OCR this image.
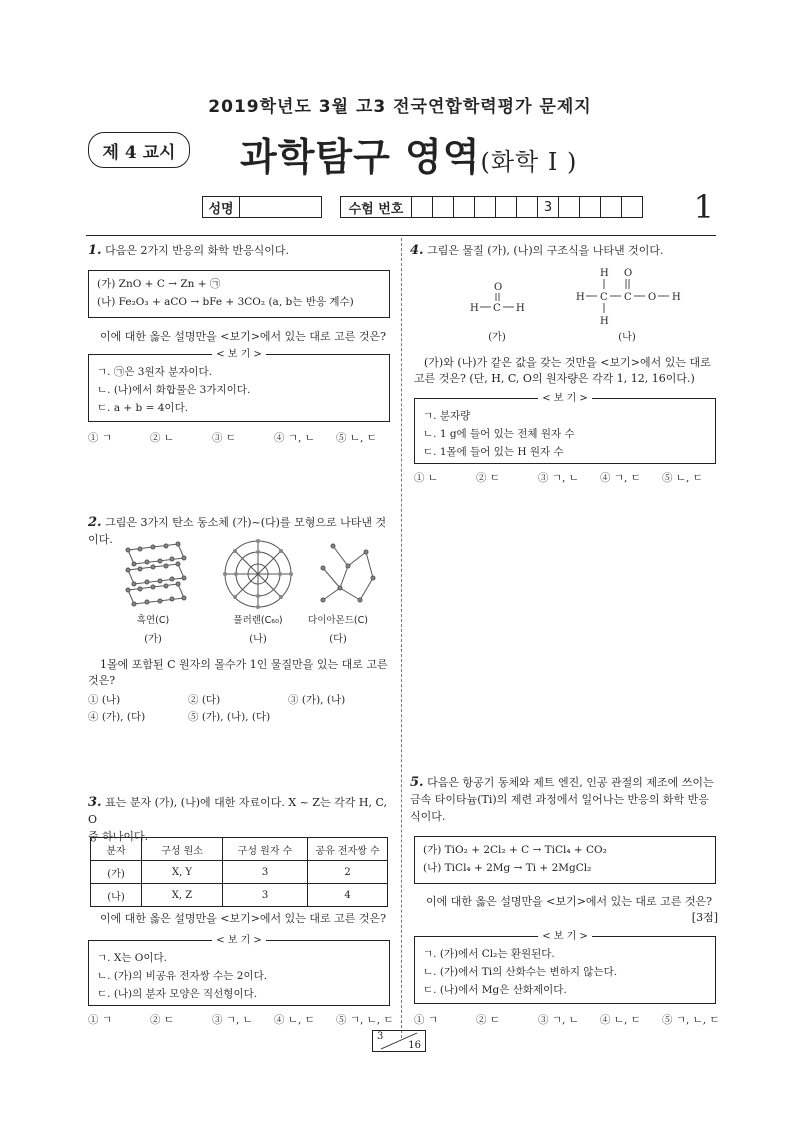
2019학년도 3월 고3 전국연합학력평가 문제지
제 4 교시	과학탐구 영역(화학 I )
성명	수험 번호	3	1
1. 다음은 2가지 반응의 화학 반응식이다.
(가) ZnO + C → Zn + ㉠
(나) Fe₂O₃ + aCO → bFe + 3CO₂ (a, b는 반응 계수)
이에 대한 옳은 설명만을 <보기>에서 있는 대로 고른 것은?
< 보 기 >
ㄱ. ㉠은 3원자 분자이다.
ㄴ. (나)에서 화합물은 3가지이다.
ㄷ. a + b = 4이다.
① ㄱ	② ㄴ	③ ㄷ	④ ㄱ, ㄴ	⑤ ㄴ, ㄷ
2. 그림은 3가지 탄소 동소체 (가)~(다)를 모형으로 나타낸 것이다.
흑연(C)	풀러렌(C₆₀)	다이아몬드(C)
(가)	(나)	(다)
1몰에 포함된 C 원자의 몰수가 1인 물질만을 있는 대로 고른
것은?
① (나)	② (다)	③ (가), (나)
④ (가), (다)	⑤ (가), (나), (다)
3. 표는 분자 (가), (나)에 대한 자료이다. X ~ Z는 각각 H, C, O
중 하나이다.
분자	구성 원소	구성 원자 수	공유 전자쌍 수
(가)	X, Y	3	2
(나)	X, Z	3	4
이에 대한 옳은 설명만을 <보기>에서 있는 대로 고른 것은?
< 보 기 >
ㄱ. X는 O이다.
ㄴ. (가)의 비공유 전자쌍 수는 2이다.
ㄷ. (나)의 분자 모양은 직선형이다.
① ㄱ	② ㄷ	③ ㄱ, ㄴ	④ ㄴ, ㄷ	⑤ ㄱ, ㄴ, ㄷ
4. 그림은 물질 (가), (나)의 구조식을 나타낸 것이다.
O
H C H
H O
H C C O H
H
(가)	(나)
(가)와 (나)가 같은 값을 갖는 것만을 <보기>에서 있는 대로
고른 것은? (단, H, C, O의 원자량은 각각 1, 12, 16이다.)
< 보 기 >
ㄱ. 분자량
ㄴ. 1 g에 들어 있는 전체 원자 수
ㄷ. 1몰에 들어 있는 H 원자 수
① ㄴ	② ㄷ	③ ㄱ, ㄴ	④ ㄱ, ㄷ	⑤ ㄴ, ㄷ
5. 다음은 항공기 동체와 제트 엔진, 인공 관절의 제조에 쓰이는
금속 타이타늄(Ti)의 제련 과정에서 일어나는 반응의 화학 반응
식이다.
(가) TiO₂ + 2Cl₂ + C → TiCl₄ + CO₂
(나) TiCl₄ + 2Mg → Ti + 2MgCl₂
이에 대한 옳은 설명만을 <보기>에서 있는 대로 고른 것은?
[3점]
< 보 기 >
ㄱ. (가)에서 Cl₂는 환원된다.
ㄴ. (가)에서 Ti의 산화수는 변하지 않는다.
ㄷ. (나)에서 Mg은 산화제이다.
① ㄱ	② ㄷ	③ ㄱ, ㄴ	④ ㄴ, ㄷ	⑤ ㄱ, ㄴ, ㄷ
3
16
